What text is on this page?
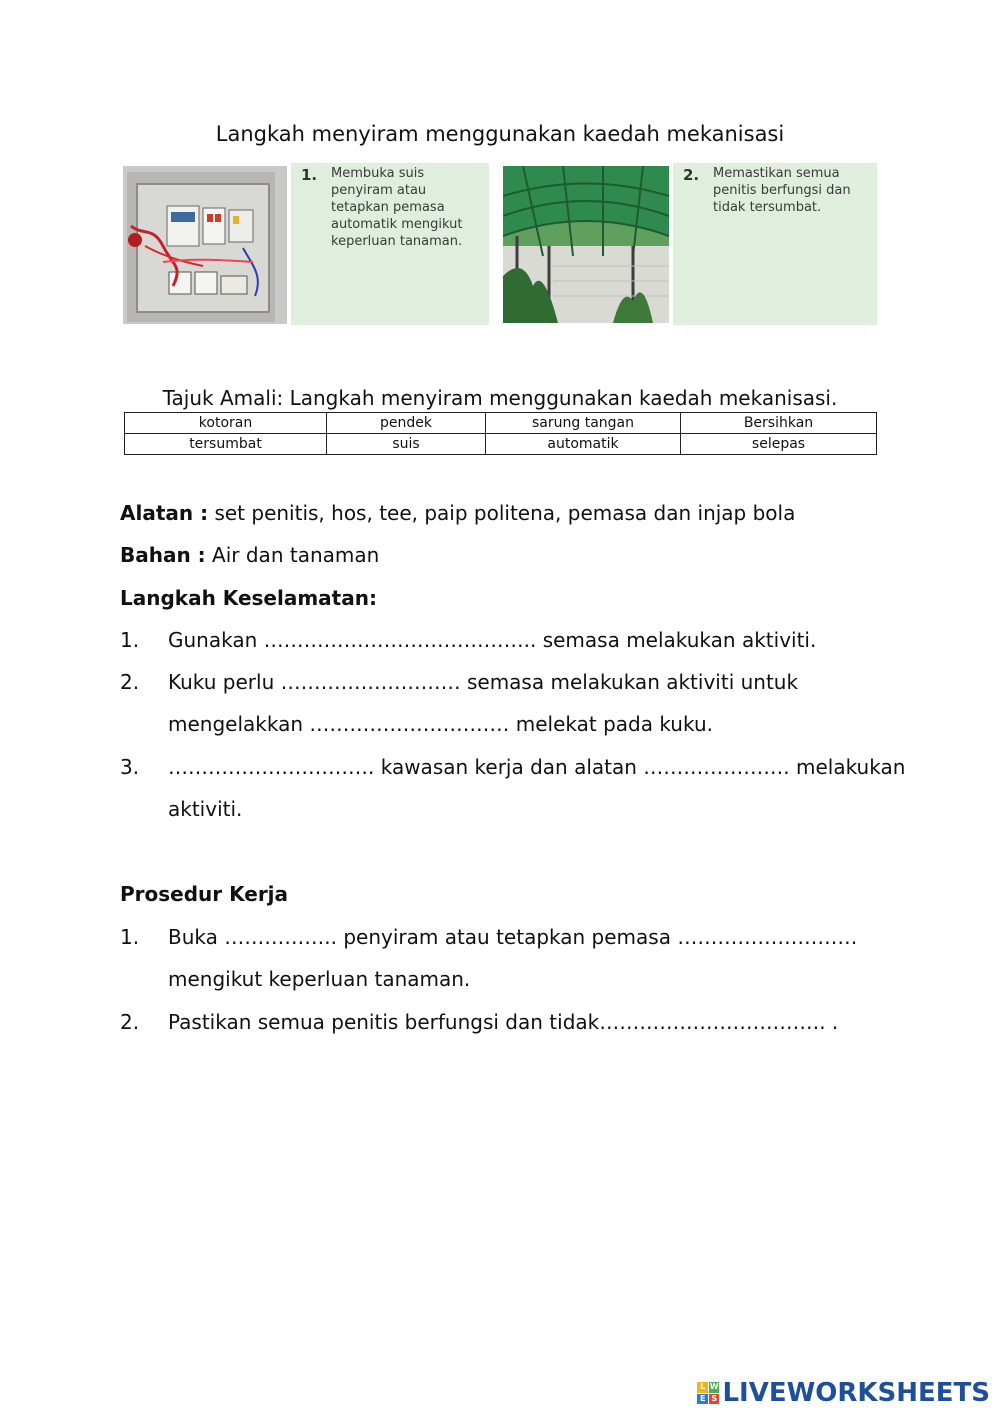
Langkah menyiram menggunakan kaedah mekanisasi
1. Membuka suis penyiram atau tetapkan pemasa automatik mengikut keperluan tanaman.
2. Memastikan semua penitis berfungsi dan tidak tersumbat.
Tajuk Amali: Langkah menyiram menggunakan kaedah mekanisasi.
kotoran	pendek	sarung tangan	Bersihkan
tersumbat	suis	automatik	selepas
Alatan : set penitis, hos, tee, paip politena, pemasa dan injap bola
Bahan : Air dan tanaman
Langkah Keselamatan:
1. Gunakan ………………………………….. semasa melakukan aktiviti.
2. Kuku perlu ……………………… semasa melakukan aktiviti untuk
mengelakkan ………………………… melekat pada kuku.
3. …………………………. kawasan kerja dan alatan …………………. melakukan
aktiviti.
Prosedur Kerja
1. Buka …………….. penyiram atau tetapkan pemasa ………………………
mengikut keperluan tanaman.
2. Pastikan semua penitis berfungsi dan tidak……………………………. .
L W
E S LIVEWORKSHEETS
